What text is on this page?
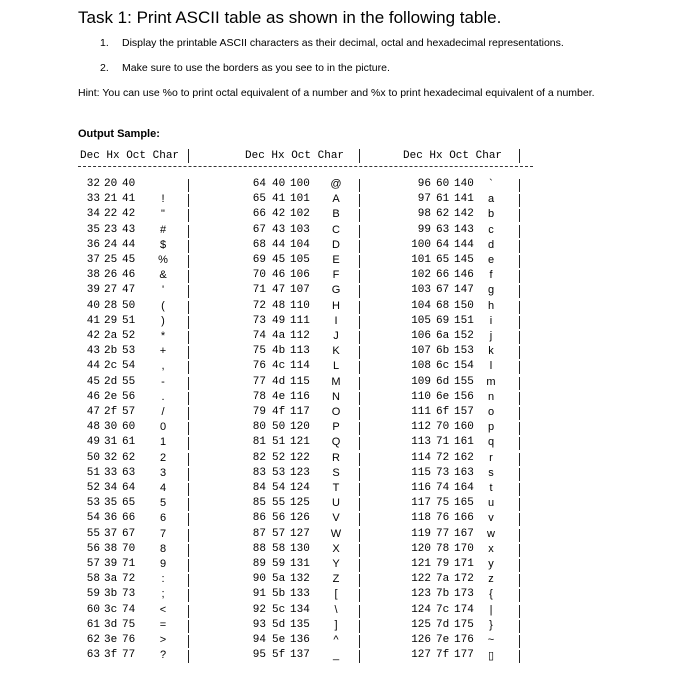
Task 1: Print ASCII table as shown in the following table.
1. Display the printable ASCII characters as their decimal, octal and hexadecimal representations.
2. Make sure to use the borders as you see to in the picture.
Hint: You can use %o to print octal equivalent of a number and %x to print hexadecimal equivalent of a number.
Output Sample:
Dec Hx Oct Char	Dec Hx Oct Char	Dec Hx Oct Char
32 20 40
33 21 41	!
34 22 42	"
35 23 43 #
36 24 44 $
37 25 45 %
38 26 46 &
39 27 47	'
40 28 50	(
41 29 51	)
42 2a 52	*
43 2b 53 +
44 2c 54	,
45 2d 55	-
46 2e 56	.
47 2f 57	/
48 30 60 0
49 31 61 1
50 32 62 2
51 33 63 3
52 34 64 4
53 35 65 5
54 36 66 6
55 37 67 7
56 38 70 8
57 39 71 9
58 3a 72	:
59 3b 73	;
60 3c 74 <
61 3d 75 =
62 3e 76 >
63 3f 77 ?
64 40 100 @
65 41 101 A
66 42 102 B
67 43 103 C
68 44 104 D
69 45 105 E
70 46 106 F
71 47 107 G
72 48 110 H
73 49 111	I
74 4a 112 J
75 4b 113 K
76 4c 114 L
77 4d 115 M
78 4e 116 N
79 4f 117 O
80 50 120 P
81 51 121 Q
82 52 122 R
83 53 123 S
84 54 124 T
85 55 125 U
86 56 126 V
87 57 127 W
88 58 130 X
89 59 131 Y
90 5a 132 Z
91 5b 133	[
92 5c 134	\
93 5d 135	]
94 5e 136	^
95 5f 137 _
96 60 140	`
97 61 141 a
98 62 142 b
99 63 143 c
100 64 144 d
101 65 145 e
102 66 146	f
103 67 147 g
104 68 150 h
105 69 151	i
106 6a 152	j
107 6b 153 k
108 6c 154	l
109 6d 155 m
110 6e 156 n
111 6f 157 o
112 70 160 p
113 71 161 q
114 72 162	r
115 73 163 s
116 74 164	t
117 75 165 u
118 76 166 v
119 77 167 w
120 78 170 x
121 79 171 y
122 7a 172 z
123 7b 173	{
124 7c 174	|
125 7d 175	}
126 7e 176 ~
127 7f 177 ▯
